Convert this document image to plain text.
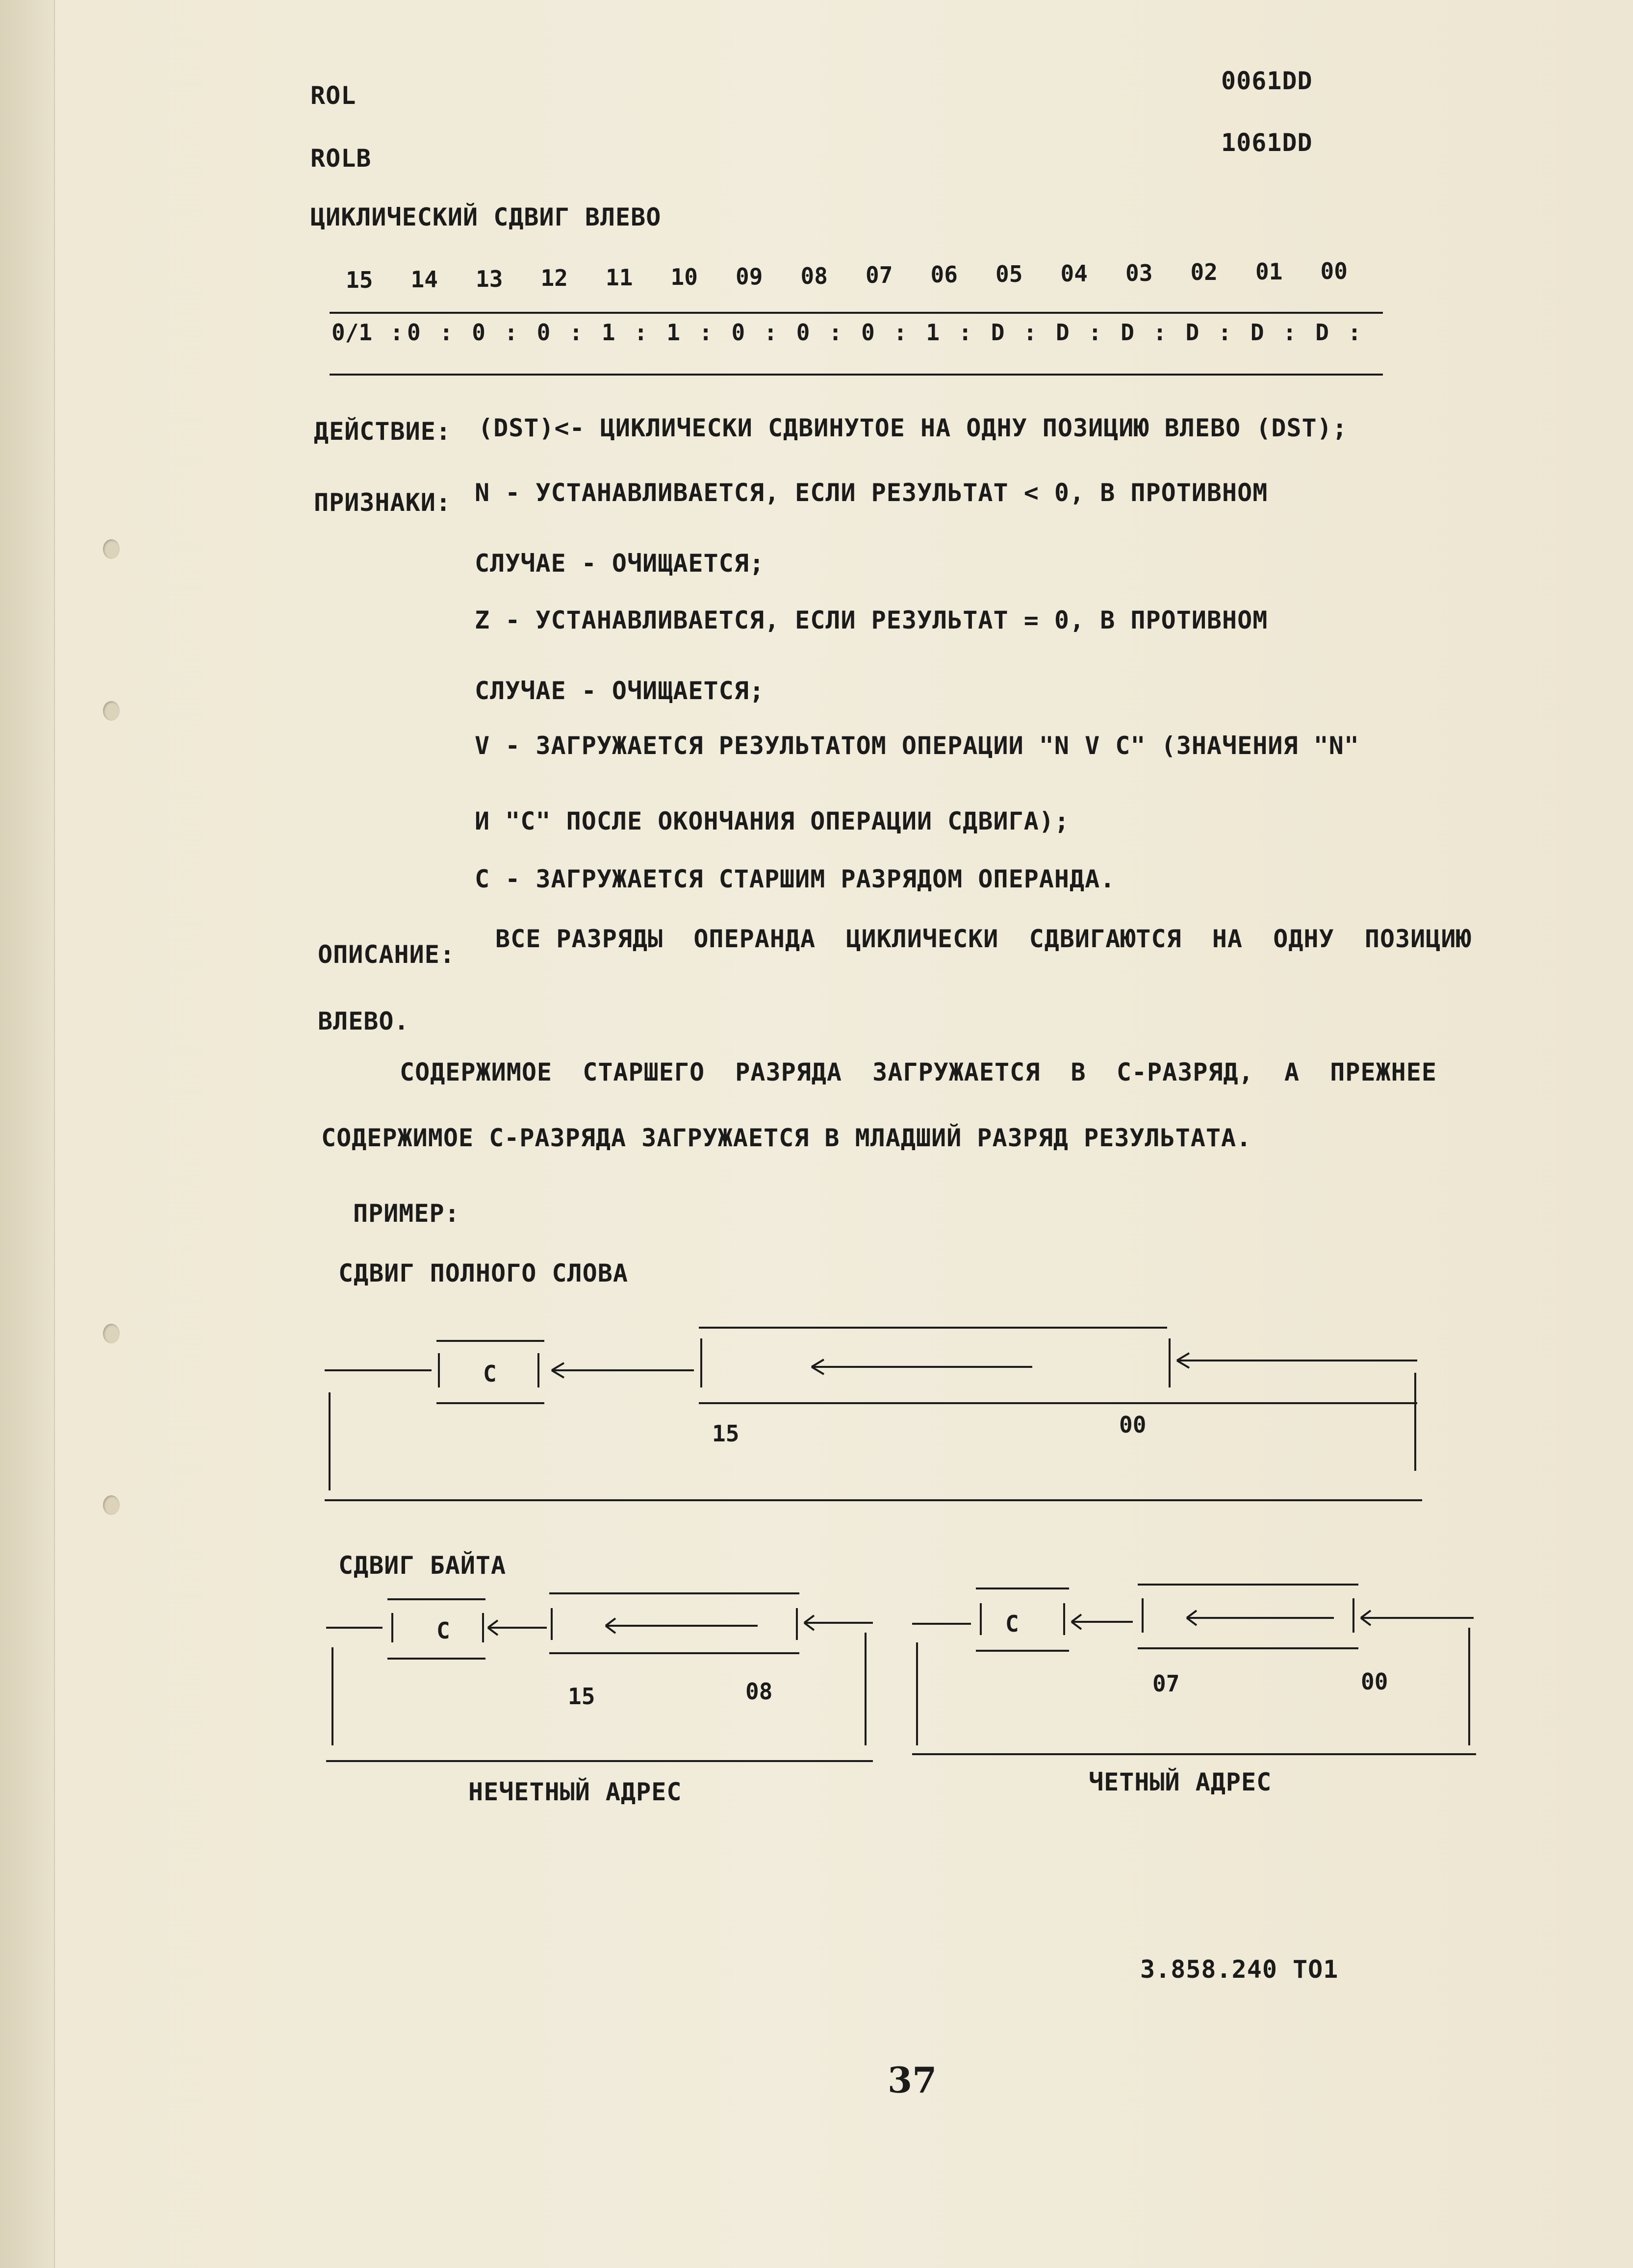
ROL
0061DD
ROLB
1061DD
ЦИКЛИЧЕСКИЙ СДВИГ ВЛЕВО
15 14 13 12 11 10 09 08 07 06 05 04 03 02 01 00
0/1 : 0 : 0 : 0 : 1 : 1 : 0 : 0 : 0 : 1 : D : D : D : D : D : D :
ДЕЙСТВИЕ: (DST)<- ЦИКЛИЧЕСКИ СДВИНУТОЕ НА ОДНУ ПОЗИЦИЮ ВЛЕВО (DST);
ПРИЗНАКИ: N - УСТАНАВЛИВАЕТСЯ, ЕСЛИ РЕЗУЛЬТАТ < 0, В ПРОТИВНОМ
СЛУЧАЕ - ОЧИЩАЕТСЯ;
Z - УСТАНАВЛИВАЕТСЯ, ЕСЛИ РЕЗУЛЬТАТ = 0, В ПРОТИВНОМ
СЛУЧАЕ - ОЧИЩАЕТСЯ;
V - ЗАГРУЖАЕТСЯ РЕЗУЛЬТАТОМ ОПЕРАЦИИ "N V C" (ЗНАЧЕНИЯ "N"
И "C" ПОСЛЕ ОКОНЧАНИЯ ОПЕРАЦИИ СДВИГА);
C - ЗАГРУЖАЕТСЯ СТАРШИМ РАЗРЯДОМ ОПЕРАНДА.
ОПИСАНИЕ:
ВСЕ РАЗРЯДЫ  ОПЕРАНДА  ЦИКЛИЧЕСКИ  СДВИГАЮТСЯ  НА  ОДНУ  ПОЗИЦИЮ
ВЛЕВО.
СОДЕРЖИМОЕ  СТАРШЕГО  РАЗРЯДА  ЗАГРУЖАЕТСЯ  В  C-РАЗРЯД,  А  ПРЕЖНЕЕ
СОДЕРЖИМОЕ C-РАЗРЯДА ЗАГРУЖАЕТСЯ В МЛАДШИЙ РАЗРЯД РЕЗУЛЬТАТА.
ПРИМЕР:
СДВИГ ПОЛНОГО СЛОВА
C
15	00
C
15	08
C
07	00
СДВИГ БАЙТА
НЕЧЕТНЫЙ АДРЕС	ЧЕТНЫЙ АДРЕС
3.858.240 ТО1
37
